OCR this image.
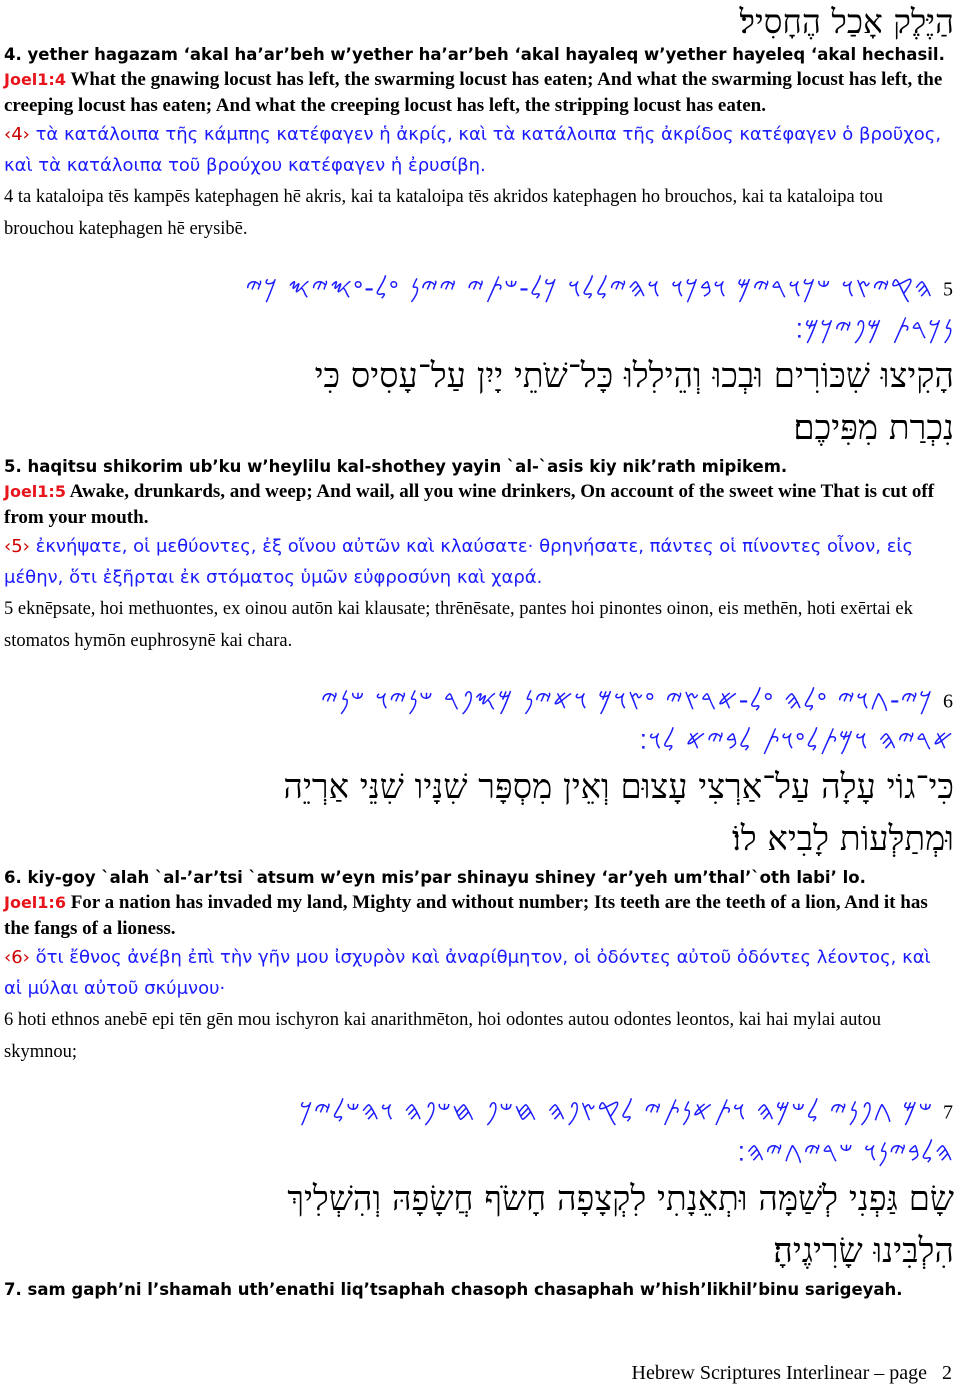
הַיֶּלֶק אָכַל הֶחָסִיל׃
4. yether hagazam ‘akal ha’ar’beh w’yether ha’ar’beh ‘akal hayaleq w’yether hayeleq ‘akal hechasil.
Joel1:4 What the gnawing locust has left, the swarming locust has eaten; And what the swarming locust has left, the creeping locust has eaten; And what the creeping locust has left, the stripping locust has eaten.
‹4› τὰ κατάλοιπα τῆς κάμπης κατέφαγεν ἡ ἀκρίς, καὶ τὰ κατάλοιπα τῆς ἀκρίδος κατέφαγεν ὁ βροῦχος, καὶ τὰ κατάλοιπα τοῦ βρούχου κατέφαγεν ἡ ἐρυσίβη.
4 ta kataloipa tēs kampēs katephagen hē akris, kai ta kataloipa tēs akridos katephagen ho brouchos, kai ta kataloipa tou brouchou katephagen hē erysibē.
5 𐤄𐤒𐤉𐤑𐤅 𐤔𐤊𐤅𐤓𐤉𐤌 𐤅𐤁𐤊𐤅 𐤅𐤄𐤉𐤋𐤋𐤅 𐤊𐤋-𐤔𐤕𐤉 𐤉𐤉𐤍 𐤏𐤋-𐤏𐤎𐤉𐤎 𐤊𐤉
𐤍𐤊𐤓𐤕 𐤌𐤐𐤉𐤊𐤌׃
הָקִיצוּ שִׁכּוֹרִים וּבְכוּ וְהֵילִלוּ כָּל־שֹׁתֵי יָיִן עַל־עָסִיס כִּי
נִכְרַת מִפִּיכֶם׃
5. haqitsu shikorim ub’ku w’heylilu kal-shothey yayin `al-`asis kiy nik’rath mipikem.
Joel1:5 Awake, drunkards, and weep; And wail, all you wine drinkers, On account of the sweet wine That is cut off from your mouth.
‹5› ἐκνήψατε, οἱ μεθύοντες, ἐξ οἴνου αὐτῶν καὶ κλαύσατε· θρηνήσατε, πάντες οἱ πίνοντες οἶνον, εἰς μέθην, ὅτι ἐξῆρται ἐκ στόματος ὑμῶν εὐφροσύνη καὶ χαρά.
5 eknēpsate, hoi methuontes, ex oinou autōn kai klausate; thrēnēsate, pantes hoi pinontes oinon, eis methēn, hoti exērtai ek stomatos hymōn euphrosynē kai chara.
6 𐤊𐤉-𐤂𐤅𐤉 𐤏𐤋𐤄 𐤏𐤋-𐤀𐤓𐤑𐤉 𐤏𐤑𐤅𐤌 𐤅𐤀𐤉𐤍 𐤌𐤎𐤐𐤓 𐤔𐤍𐤉𐤅 𐤔𐤍𐤉
𐤀𐤓𐤉𐤄 𐤅𐤌𐤕𐤋𐤏𐤅𐤕 𐤋𐤁𐤉𐤀 𐤋𐤅׃
כִּי־גוֹי עָלָה עַל־אַרְצִי עָצוּם וְאֵין מִסְפָּר שִׁנָּיו שִׁנֵּי אַרְיֵה
וּמְתַלְּעוֹת לָבִיא לוֹ׃
6. kiy-goy `alah `al-’ar’tsi `atsum w’eyn mis’par shinayu shiney ‘ar’yeh um’thal’`oth labi’ lo.
Joel1:6 For a nation has invaded my land, Mighty and without number; Its teeth are the teeth of a lion, And it has the fangs of a lioness.
‹6› ὅτι ἔθνος ἀνέβη ἐπὶ τὴν γῆν μου ἰσχυρὸν καὶ ἀναρίθμητον, οἱ ὀδόντες αὐτοῦ ὀδόντες λέοντος, καὶ αἱ μύλαι αὐτοῦ σκύμνου·
6 hoti ethnos anebē epi tēn gēn mou ischyron kai anarithmēton, hoi odontes autou odontes leontos, kai hai mylai autou skymnou;
7 𐤔𐤌 𐤂𐤐𐤍𐤉 𐤋𐤔𐤌𐤄 𐤅𐤕𐤀𐤍𐤕𐤉 𐤋𐤒𐤑𐤐𐤄 𐤇𐤔𐤐 𐤇𐤔𐤐𐤄 𐤅𐤄𐤔𐤋𐤉𐤊
𐤄𐤋𐤁𐤉𐤍𐤅 𐤔𐤓𐤉𐤂𐤉𐤄׃
שָׂם גַּפְנִי לְשַׁמָּה וּתְאֵנָתִי לִקְצָפָה חָשֹׂף חֲשָׂפָהּ וְהִשְׁלִיךְ
הִלְבִּינוּ שָׂרִיגֶיהָ׃
7. sam gaph’ni l’shamah uth’enathi liq’tsaphah chasoph chasaphah w’hish’likhil’binu sarigeyah.
Hebrew Scriptures Interlinear – page 2
